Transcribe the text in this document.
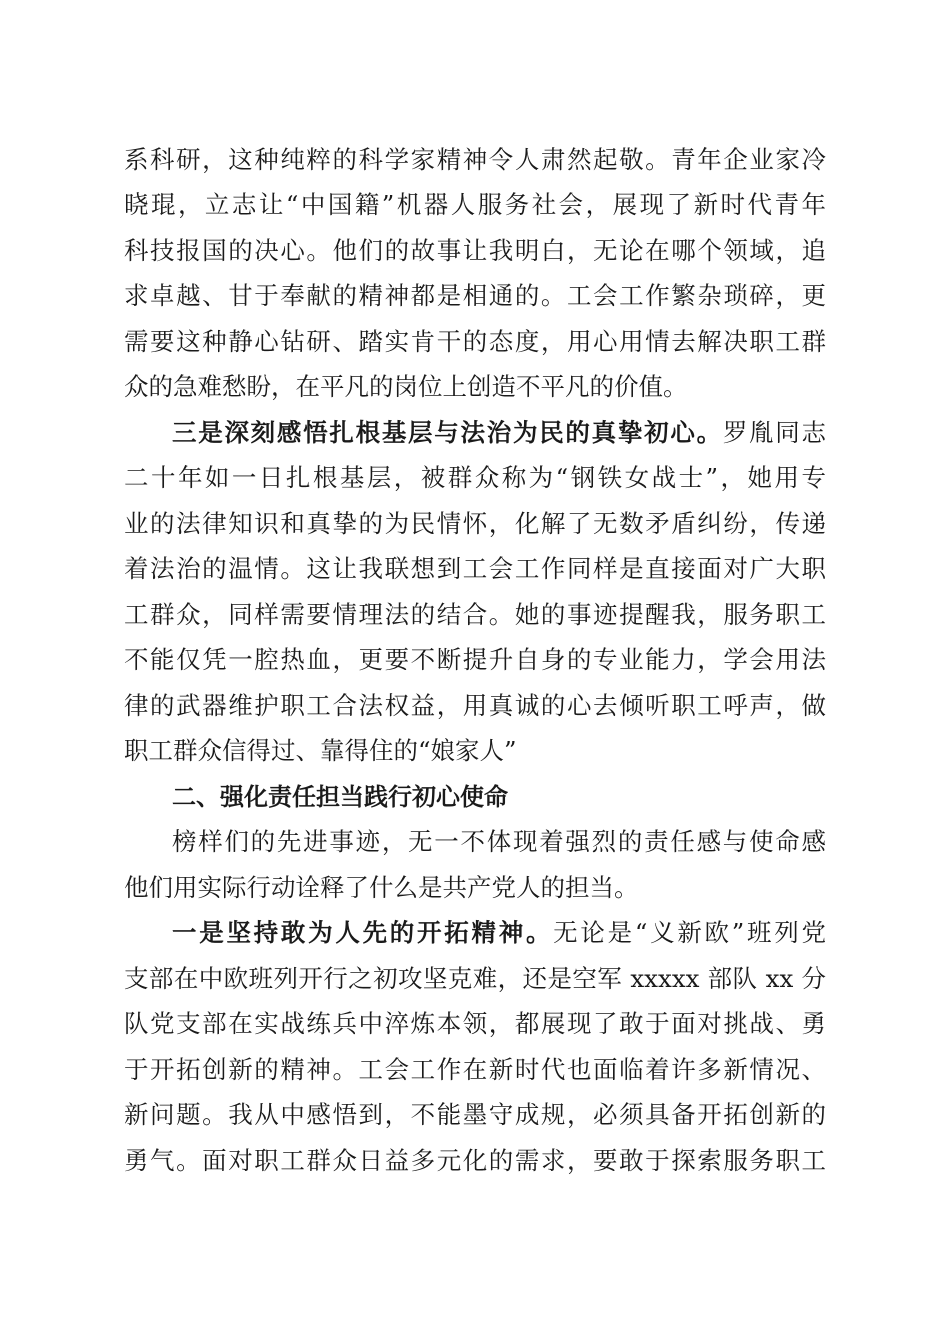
系科研，这种纯粹的科学家精神令人肃然起敬。青年企业家冷
晓琨，立志让“中国籍”机器人服务社会，展现了新时代青年
科技报国的决心。他们的故事让我明白，无论在哪个领域，追
求卓越、甘于奉献的精神都是相通的。工会工作繁杂琐碎，更
需要这种静心钻研、踏实肯干的态度，用心用情去解决职工群
众的急难愁盼，在平凡的岗位上创造不平凡的价值。
三是深刻感悟扎根基层与法治为民的真挚初心。罗胤同志
二十年如一日扎根基层，被群众称为“钢铁女战士”，她用专
业的法律知识和真挚的为民情怀，化解了无数矛盾纠纷，传递
着法治的温情。这让我联想到工会工作同样是直接面对广大职
工群众，同样需要情理法的结合。她的事迹提醒我，服务职工
不能仅凭一腔热血，更要不断提升自身的专业能力，学会用法
律的武器维护职工合法权益，用真诚的心去倾听职工呼声，做
职工群众信得过、靠得住的“娘家人”
二、强化责任担当践行初心使命
榜样们的先进事迹，无一不体现着强烈的责任感与使命感
他们用实际行动诠释了什么是共产党人的担当。
一是坚持敢为人先的开拓精神。无论是“义新欧”班列党
支部在中欧班列开行之初攻坚克难，还是空军 xxxxx 部队 xx 分
队党支部在实战练兵中淬炼本领，都展现了敢于面对挑战、勇
于开拓创新的精神。工会工作在新时代也面临着许多新情况、
新问题。我从中感悟到，不能墨守成规，必须具备开拓创新的
勇气。面对职工群众日益多元化的需求，要敢于探索服务职工
